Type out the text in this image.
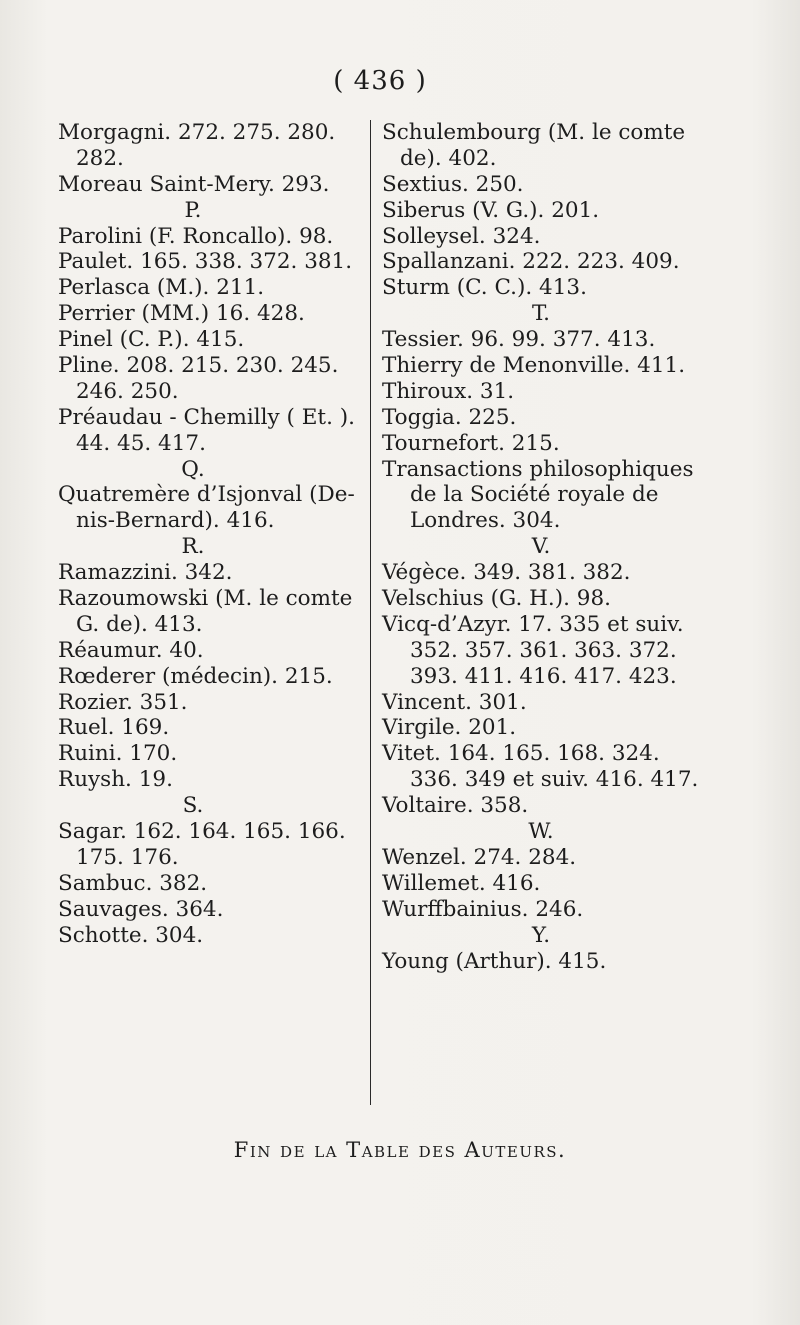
( 436 )
Morgagni. 272. 275. 280.
282.
Moreau Saint-Mery. 293.
P.
Parolini (F. Roncallo). 98.
Paulet. 165. 338. 372. 381.
Perlasca (M.). 211.
Perrier (MM.) 16. 428.
Pinel (C. P.). 415.
Pline. 208. 215. 230. 245.
246. 250.
Préaudau - Chemilly ( Et. ).
44. 45. 417.
Q.
Quatremère d’Isjonval (De-
nis-Bernard). 416.
R.
Ramazzini. 342.
Razoumowski (M. le comte
G. de). 413.
Réaumur. 40.
Rœderer (médecin). 215.
Rozier. 351.
Ruel. 169.
Ruini. 170.
Ruysh. 19.
S.
Sagar. 162. 164. 165. 166.
175. 176.
Sambuc. 382.
Sauvages. 364.
Schotte. 304.
Schulembourg (M. le comte
de). 402.
Sextius. 250.
Siberus (V. G.). 201.
Solleysel. 324.
Spallanzani. 222. 223. 409.
Sturm (C. C.). 413.
T.
Tessier. 96. 99. 377. 413.
Thierry de Menonville. 411.
Thiroux. 31.
Toggia. 225.
Tournefort. 215.
Transactions philosophiques
de la Société royale de
Londres. 304.
V.
Végèce. 349. 381. 382.
Velschius (G. H.). 98.
Vicq-d’Azyr. 17. 335 et suiv.
352. 357. 361. 363. 372.
393. 411. 416. 417. 423.
Vincent. 301.
Virgile. 201.
Vitet. 164. 165. 168. 324.
336. 349 et suiv. 416. 417.
Voltaire. 358.
W.
Wenzel. 274. 284.
Willemet. 416.
Wurffbainius. 246.
Y.
Young (Arthur). 415.
Fin de la Table des Auteurs.
